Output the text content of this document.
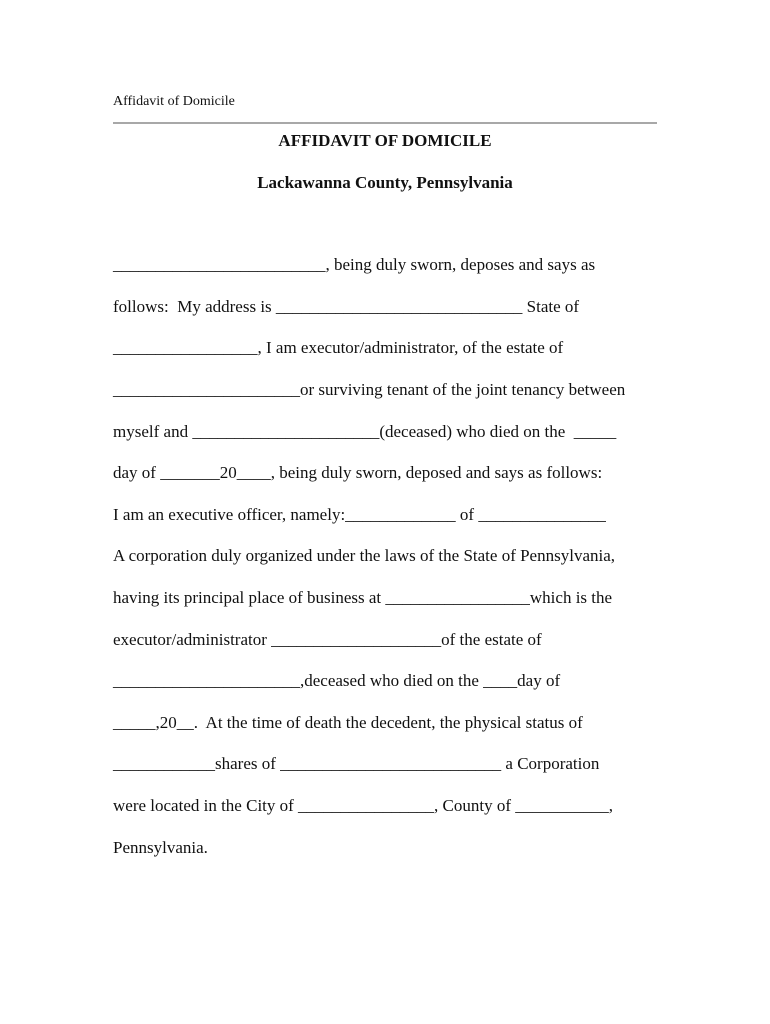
Affidavit of Domicile
AFFIDAVIT OF DOMICILE
Lackawanna County, Pennsylvania
_________________________, being duly sworn, deposes and says as
follows:  My address is _____________________________ State of
_________________, I am executor/administrator, of the estate of
______________________or surviving tenant of the joint tenancy between
myself and ______________________(deceased) who died on the  _____
day of _______20____, being duly sworn, deposed and says as follows:
I am an executive officer, namely:_____________ of _______________
A corporation duly organized under the laws of the State of Pennsylvania,
having its principal place of business at _________________which is the
executor/administrator ____________________of the estate of
______________________,deceased who died on the ____day of
_____,20__.  At the time of death the decedent, the physical status of
____________shares of __________________________ a Corporation
were located in the City of ________________, County of ___________,
Pennsylvania.
